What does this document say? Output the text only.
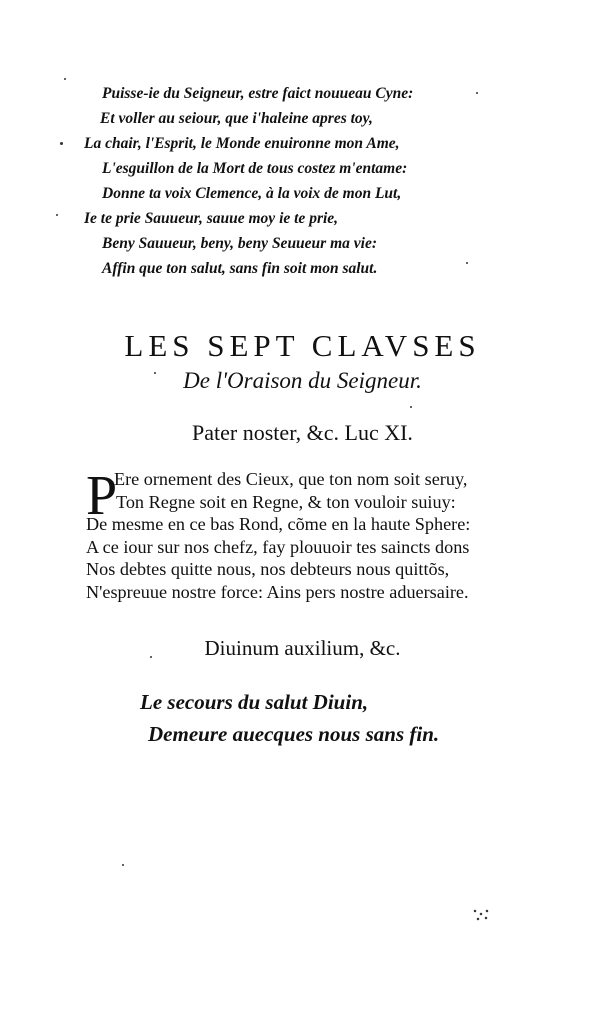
Puisse-ie du Seigneur, estre faict nouueau Cyne:
Et voller au seiour, que i'haleine apres toy,
La chair, l'Esprit, le Monde enuironne mon Ame,
L'esguillon de la Mort de tous costez m'entame:
Donne ta voix Clemence, à la voix de mon Lut,
Ie te prie Sauueur, sauue moy ie te prie,
Beny Sauueur, beny, beny Seuueur ma vie:
Affin que ton salut, sans fin soit mon salut.
LES SEPT CLAVSES
De l'Oraison du Seigneur.
Pater noster, &c. Luc XI.
P
Ere ornement des Cieux, que ton nom soit seruy,
Ton Regne soit en Regne, & ton vouloir suiuy:
De mesme en ce bas Rond, cõme en la haute Sphere:
A ce iour sur nos chefz, fay plouuoir tes saincts dons
Nos debtes quitte nous, nos debteurs nous quittõs,
N'espreuue nostre force: Ains pers nostre aduersaire.
Diuinum auxilium, &c.
Le secours du salut Diuin,
Demeure auecques nous sans fin.
